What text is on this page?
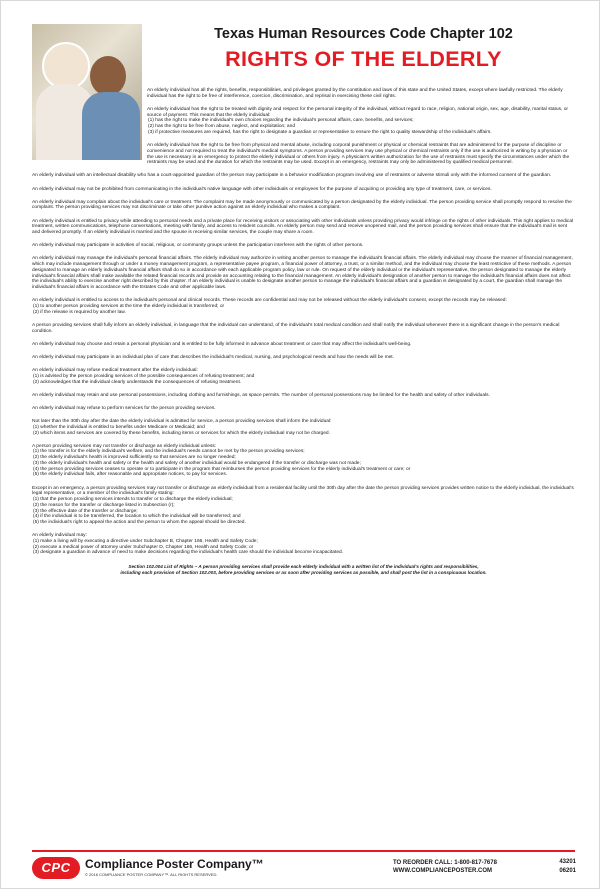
Texas Human Resources Code Chapter 102
RIGHTS OF THE ELDERLY

An elderly individual has all the rights, benefits, responsibilities, and privileges granted by the constitution and laws of this state and the United States, except where lawfully restricted. The elderly individual has the right to be free of interference, coercion, discrimination, and reprisal in exercising these civil rights.

An elderly individual has the right to be treated with dignity and respect for the personal integrity of the individual, without regard to race, religion, national origin, sex, age, disability, marital status, or source of payment. This means that the elderly individual:

(1) has the right to make the individual's own choices regarding the individual's personal affairs, care, benefits, and services;
(2) has the right to be free from abuse, neglect, and exploitation; and

(3) if protective measures are required, has the right to designate a guardian or representative to ensure the right to quality stewardship of the individual's affairs.

An elderly individual has the right to be free from physical and mental abuse, including corporal punishment or physical or chemical restraints that are administered for the purpose of discipline or convenience and not required to treat the individual's medical symptoms. A person providing services may use physical or chemical restraints only if the use is authorized in writing by a physician or the use is necessary in an emergency to protect the elderly individual or others from injury. A physician's written authorization for the use of restraints must specify the circumstances under which the restraints may be used and the duration for which the restraints may be used. Except in an emergency, restraints may only be administered by qualified medical personnel.

An elderly individual with an intellectual disability who has a court-appointed guardian of the person may participate in a behavior modification program involving use of restraints or adverse stimuli only with the informed consent of the guardian.

An elderly individual may not be prohibited from communicating in the individual's native language with other individuals or employees for the purpose of acquiring or providing any type of treatment, care, or services.

An elderly individual may complain about the individual's care or treatment. The complaint may be made anonymously or communicated by a person designated by the elderly individual. The person providing service shall promptly respond to resolve the complaint. The person providing services may not discriminate or take other punitive action against an elderly individual who makes a complaint.

An elderly individual is entitled to privacy while attending to personal needs and a private place for receiving visitors or associating with other individuals unless providing privacy would infringe on the rights of other individuals. This right applies to medical treatment, written communications, telephone conversations, meeting with family, and access to resident councils. An elderly person may send and receive unopened mail, and the person providing services shall ensure that the individual's mail is sent and delivered promptly. If an elderly individual is married and the spouse is receiving similar services, the couple may share a room.

An elderly individual may participate in activities of social, religious, or community groups unless the participation interferes with the rights of other persons.

An elderly individual may manage the individual's personal financial affairs. The elderly individual may authorize in writing another person to manage the individual's financial affairs. The elderly individual may choose the manner of financial management, which may include management through or under a money management program, a representative payee program, a financial power of attorney, a trust, or a similar method, and the individual may choose the least restrictive of these methods. A person designated to manage an elderly individual's financial affairs shall do so in accordance with each applicable program policy, law or rule. On request of the elderly individual or the individual's representative, the person designated to manage the elderly individual's financial affairs shall make available the related financial records and provide an accounting relating to the financial management. An elderly individual's designation of another person to manage the individual's financial affairs does not affect the individual's ability to exercise another right described by this chapter. If an elderly individual is unable to designate another person to manage the individual's financial affairs and a guardian is designated by a court, the guardian shall manage the individual's financial affairs in accordance with the Estates Code and other applicable laws.

An elderly individual is entitled to access to the individual's personal and clinical records. These records are confidential and may not be released without the elderly individual's consent, except the records may be released:

(1) to another person providing services at the time the elderly individual is transferred; or

(2) if the release is required by another law.

A person providing services shall fully inform an elderly individual, in language that the individual can understand, of the individual's total medical condition and shall notify the individual whenever there is a significant change in the person's medical condition.

An elderly individual may choose and retain a personal physician and is entitled to be fully informed in advance about treatment or care that may affect the individual's well-being.

An elderly individual may participate in an individual plan of care that describes the individual's medical, nursing, and psychological needs and how the needs will be met.

An elderly individual may refuse medical treatment after the elderly individual:

(1) is advised by the person providing services of the possible consequences of refusing treatment; and

(2) acknowledges that the individual clearly understands the consequences of refusing treatment.

An elderly individual may retain and use personal possessions, including clothing and furnishings, as space permits. The number of personal possessions may be limited for the health and safety of other individuals.

An elderly individual may refuse to perform services for the person providing services.

Not later than the 30th day after the date the elderly individual is admitted for service, a person providing services shall inform the individual:

(1) whether the individual is entitled to benefits under Medicare or Medicaid; and

(2) which items and services are covered by these benefits, including items or services for which the elderly individual may not be charged.

A person providing services may not transfer or discharge an elderly individual unless:

(1) the transfer is for the elderly individual's welfare, and the individual's needs cannot be met by the person providing services;
(2) the elderly individual's health is improved sufficiently so that services are no longer needed;
(3) the elderly individual's health and safety or the health and safety of another individual would be endangered if the transfer or discharge was not made;
(4) the person providing services ceases to operate or to participate in the program that reimburses the person providing services for the elderly individual's treatment or care; or

(5) the elderly individual fails, after reasonable and appropriate notices, to pay for services.

Except in an emergency, a person providing services may not transfer or discharge an elderly individual from a residential facility until the 30th day after the date the person providing services provides written notice to the elderly individual, the individual's legal representative, or a member of the individual's family stating:

(1) that the person providing services intends to transfer or to discharge the elderly individual;
(2) the reason for the transfer or discharge listed in Subsection (r);
(3) the effective date of the transfer or discharge;
(4) if the individual is to be transferred, the location to which the individual will be transferred; and

(5) the individual's right to appeal the action and the person to whom the appeal should be directed.

An elderly individual may:

(1) make a living will by executing a directive under Subchapter B, Chapter 166, Health and Safety Code;
(2) execute a medical power of attorney under Subchapter D, Chapter 166, Health and Safety Code; or

(3) designate a guardian in advance of need to make decisions regarding the individual's health care should the individual become incapacitated.

Section 102.004 List of Rights – A person providing services shall provide each elderly individual with a written list of the individual's rights and responsibilities,
including each provision of Section 102.003, before providing services or as soon after providing services as possible, and shall post the list in a conspicuous location.
CPC	Compliance Poster Company™
© 2016 COMPLIANCE POSTER COMPANY™. ALL RIGHTS RESERVED.
TO REORDER CALL: 1-800-817-7678
WWW.COMPLIANCEPOSTER.COM
43201
06201
